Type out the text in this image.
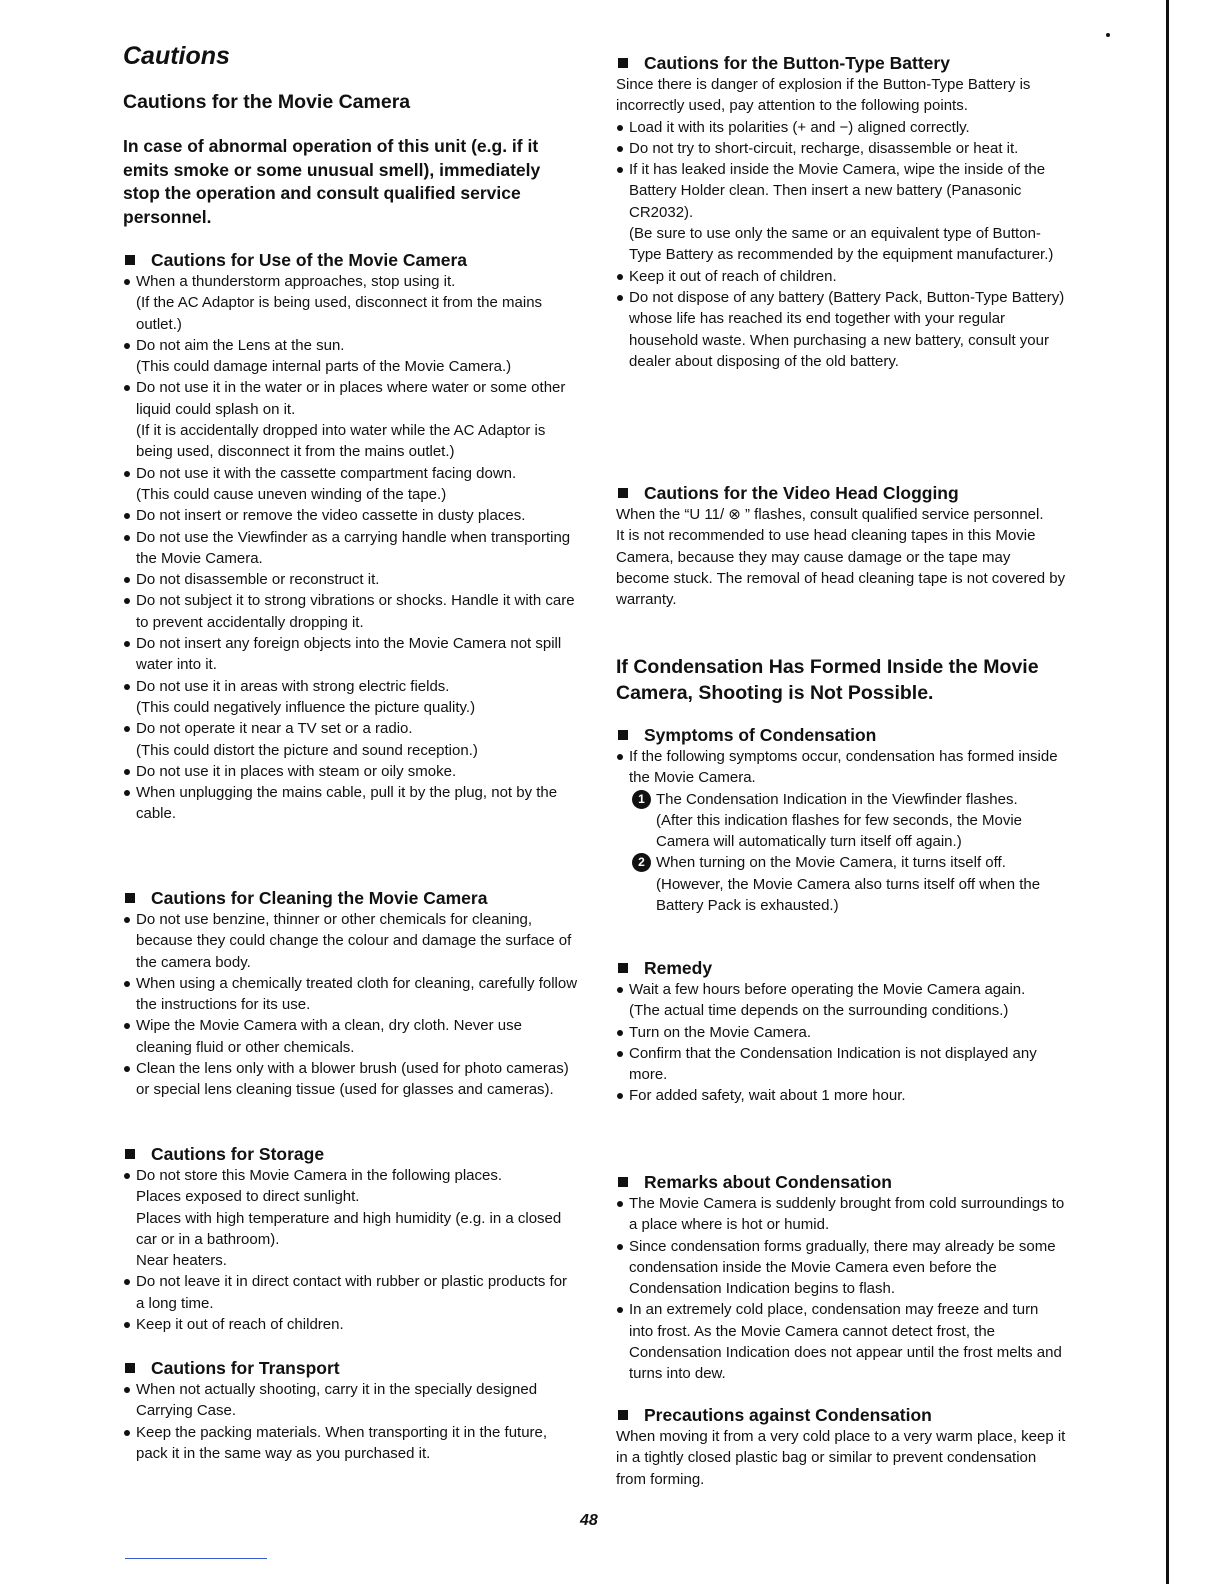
Cautions
Cautions for the Movie Camera

In case of abnormal operation of this unit (e.g. if it emits smoke or some unusual smell), immediately stop the operation and consult qualified service personnel.

Cautions for Use of the Movie Camera
When a thunderstorm approaches, stop using it.
(If the AC Adaptor is being used, disconnect it from the mains outlet.)
Do not aim the Lens at the sun.
(This could damage internal parts of the Movie Camera.)
Do not use it in the water or in places where water or some other liquid could splash on it.
(If it is accidentally dropped into water while the AC Adaptor is being used, disconnect it from the mains outlet.)
Do not use it with the cassette compartment facing down.
(This could cause uneven winding of the tape.)
Do not insert or remove the video cassette in dusty places.
Do not use the Viewfinder as a carrying handle when transporting the Movie Camera.
Do not disassemble or reconstruct it.
Do not subject it to strong vibrations or shocks. Handle it with care to prevent accidentally dropping it.
Do not insert any foreign objects into the Movie Camera not spill water into it.
Do not use it in areas with strong electric fields.
(This could negatively influence the picture quality.)
Do not operate it near a TV set or a radio.
(This could distort the picture and sound reception.)
Do not use it in places with steam or oily smoke.
When unplugging the mains cable, pull it by the plug, not by the cable.
Cautions for Cleaning the Movie Camera
Do not use benzine, thinner or other chemicals for cleaning, because they could change the colour and damage the surface of the camera body.
When using a chemically treated cloth for cleaning, carefully follow the instructions for its use.
Wipe the Movie Camera with a clean, dry cloth. Never use cleaning fluid or other chemicals.
Clean the lens only with a blower brush (used for photo cameras) or special lens cleaning tissue (used for glasses and cameras).
Cautions for Storage
Do not store this Movie Camera in the following places.
Places exposed to direct sunlight.
Places with high temperature and high humidity (e.g. in a closed car or in a bathroom).
Near heaters.
Do not leave it in direct contact with rubber or plastic products for a long time.
Keep it out of reach of children.
Cautions for Transport
When not actually shooting, carry it in the specially designed Carrying Case.
Keep the packing materials. When transporting it in the future, pack it in the same way as you purchased it.
Cautions for the Button-Type Battery

Since there is danger of explosion if the Button-Type Battery is incorrectly used, pay attention to the following points.

Load it with its polarities (+ and −) aligned correctly.
Do not try to short-circuit, recharge, disassemble or heat it.
If it has leaked inside the Movie Camera, wipe the inside of the Battery Holder clean. Then insert a new battery (Panasonic CR2032).
(Be sure to use only the same or an equivalent type of Button-Type Battery as recommended by the equipment manufacturer.)
Keep it out of reach of children.
Do not dispose of any battery (Battery Pack, Button-Type Battery) whose life has reached its end together with your regular household waste. When purchasing a new battery, consult your dealer about disposing of the old battery.
Cautions for the Video Head Clogging

When the “U 11/ ⊗ ” flashes, consult qualified service personnel.

It is not recommended to use head cleaning tapes in this Movie Camera, because they may cause damage or the tape may become stuck. The removal of head cleaning tape is not covered by warranty.

If Condensation Has Formed Inside the Movie Camera, Shooting is Not Possible.
Symptoms of Condensation
If the following symptoms occur, condensation has formed inside the Movie Camera.
1 The Condensation Indication in the Viewfinder flashes.
(After this indication flashes for few seconds, the Movie Camera will automatically turn itself off again.)
2 When turning on the Movie Camera, it turns itself off.
(However, the Movie Camera also turns itself off when the Battery Pack is exhausted.)
Remedy
Wait a few hours before operating the Movie Camera again.
(The actual time depends on the surrounding conditions.)
Turn on the Movie Camera.
Confirm that the Condensation Indication is not displayed any more.
For added safety, wait about 1 more hour.
Remarks about Condensation
The Movie Camera is suddenly brought from cold surroundings to a place where is hot or humid.
Since condensation forms gradually, there may already be some condensation inside the Movie Camera even before the Condensation Indication begins to flash.
In an extremely cold place, condensation may freeze and turn into frost. As the Movie Camera cannot detect frost, the Condensation Indication does not appear until the frost melts and turns into dew.
Precautions against Condensation

When moving it from a very cold place to a very warm place, keep it in a tightly closed plastic bag or similar to prevent condensation from forming.

48
